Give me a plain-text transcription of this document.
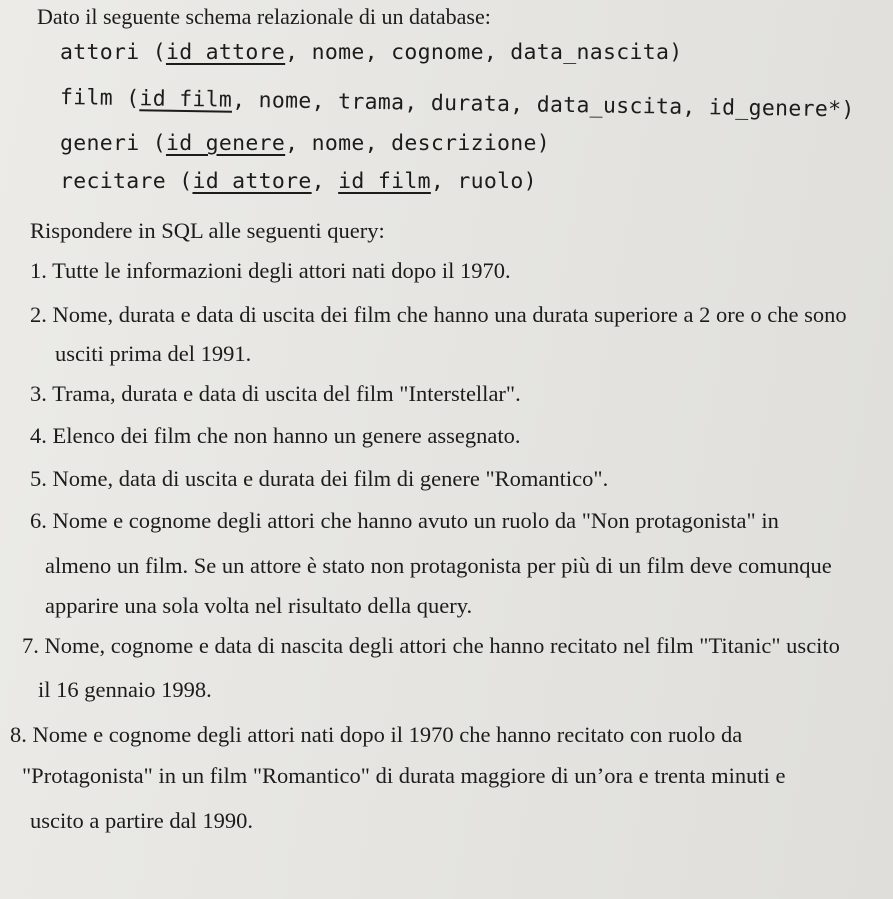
Dato il seguente schema relazionale di un database:
attori (id_attore, nome, cognome, data_nascita)
film (id_film, nome, trama, durata, data_uscita, id_genere*)
generi (id_genere, nome, descrizione)
recitare (id_attore, id_film, ruolo)
Rispondere in SQL alle seguenti query:
1. Tutte le informazioni degli attori nati dopo il 1970.
2. Nome, durata e data di uscita dei film che hanno una durata superiore a 2 ore o che sono
usciti prima del 1991.
3. Trama, durata e data di uscita del film "Interstellar".
4. Elenco dei film che non hanno un genere assegnato.
5. Nome, data di uscita e durata dei film di genere "Romantico".
6. Nome e cognome degli attori che hanno avuto un ruolo da "Non protagonista" in
almeno un film. Se un attore è stato non protagonista per più di un film deve comunque
apparire una sola volta nel risultato della query.
7. Nome, cognome e data di nascita degli attori che hanno recitato nel film "Titanic" uscito
il 16 gennaio 1998.
8. Nome e cognome degli attori nati dopo il 1970 che hanno recitato con ruolo da
"Protagonista" in un film "Romantico" di durata maggiore di un’ora e trenta minuti e
uscito a partire dal 1990.
